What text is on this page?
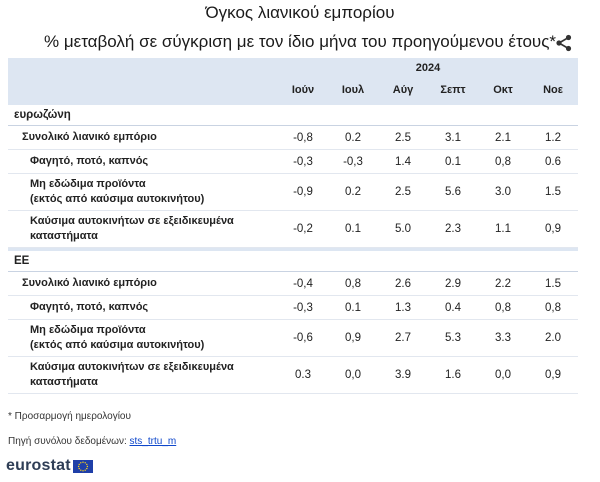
Όγκος λιανικού εμπορίου
% μεταβολή σε σύγκριση με τον ίδιο μήνα του προηγούμενου έτους*
	2024					
	Ιούν	Ιουλ	Αύγ	Σεπτ	Οκτ	Νοε

ευρωζώνη						

Συνολικό λιανικό εμπόριο	-0,8	0.2	2.5	3.1	2.1	1.2

Φαγητό, ποτό, καπνός	-0,3	-0,3	1.4	0.1	0,8	0.6

Μη εδώδιμα προϊόντα
(εκτός από καύσιμα αυτοκινήτου)	-0,9	0.2	2.5	5.6	3.0	1.5

Καύσιμα αυτοκινήτων σε εξειδικευμένα
καταστήματα	-0,2	0.1	5.0	2.3	1.1	0,9

ΕΕ						

Συνολικό λιανικό εμπόριο	-0,4	0,8	2.6	2.9	2.2	1.5

Φαγητό, ποτό, καπνός	-0,3	0.1	1.3	0.4	0,8	0,8

Μη εδώδιμα προϊόντα
(εκτός από καύσιμα αυτοκινήτου)	-0,6	0,9	2.7	5.3	3.3	2.0

Καύσιμα αυτοκινήτων σε εξειδικευμένα
καταστήματα	0.3	0,0	3.9	1.6	0,0	0,9
* Προσαρμογή ημερολογίου
Πηγή συνόλου δεδομένων: sts_trtu_m
eurostat
